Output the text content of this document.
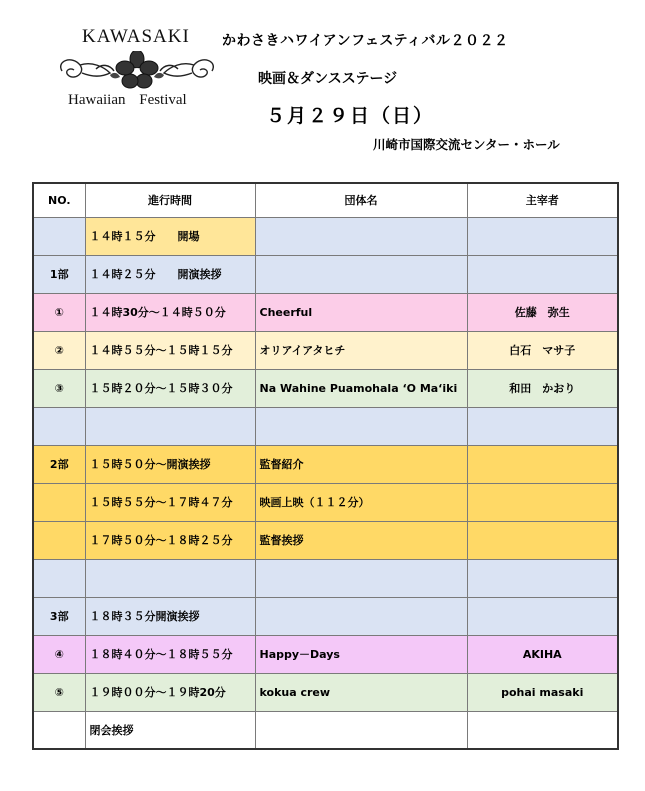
KAWASAKI
Hawaiian Festival
かわさきハワイアンフェスティバル２０２２
映画＆ダンスステージ
５月２９日（日）
川崎市国際交流センター・ホール
NO.	進行時間	団体名	主宰者
	１４時１５分　　開場		
1部	１４時２５分　　開演挨拶		
①	１４時30分～１４時５０分	Cheerful	佐藤　弥生
②	１４時５５分～１５時１５分	オリアイアタヒチ	白石　マサ子
③	１５時２０分～１５時３０分	Na Wahine Puamohala ‘O Ma‘iki	和田　かおり

2部	１５時５０分～開演挨拶	監督紹介	
	１５時５５分～１７時４７分	映画上映（１１２分）	
	１７時５０分～１８時２５分	監督挨拶	

3部	１８時３５分開演挨拶		
④	１８時４０分～１８時５５分	Happy－Days	AKIHA
⑤	１９時００分～１９時20分	kokua crew	pohai masaki
	閉会挨拶		
